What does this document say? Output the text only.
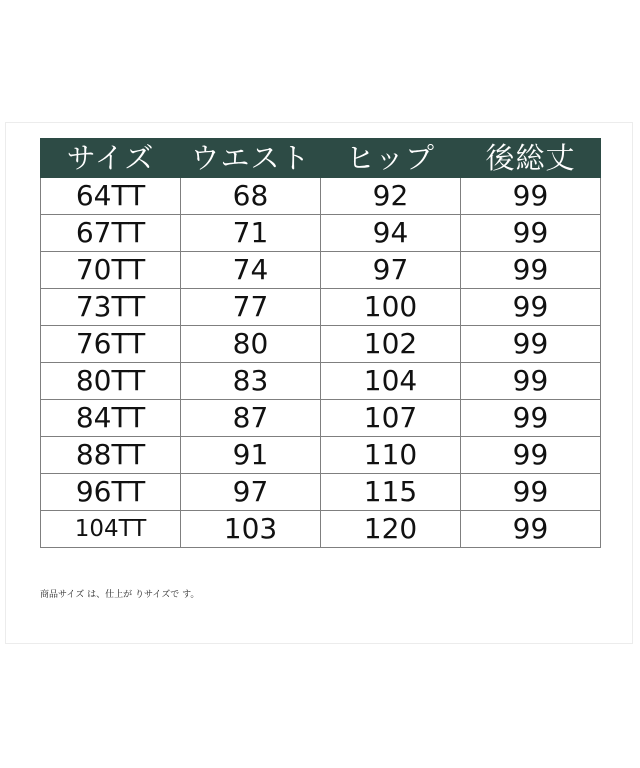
サイズ	ウエスト	ヒップ	後総丈
64TT	68	92	99
67TT	71	94	99
70TT	74	97	99
73TT	77	100	99
76TT	80	102	99
80TT	83	104	99
84TT	87	107	99
88TT	91	110	99
96TT	97	115	99
104TT	103	120	99
商品サイズ は、仕上が りサイズで す。
